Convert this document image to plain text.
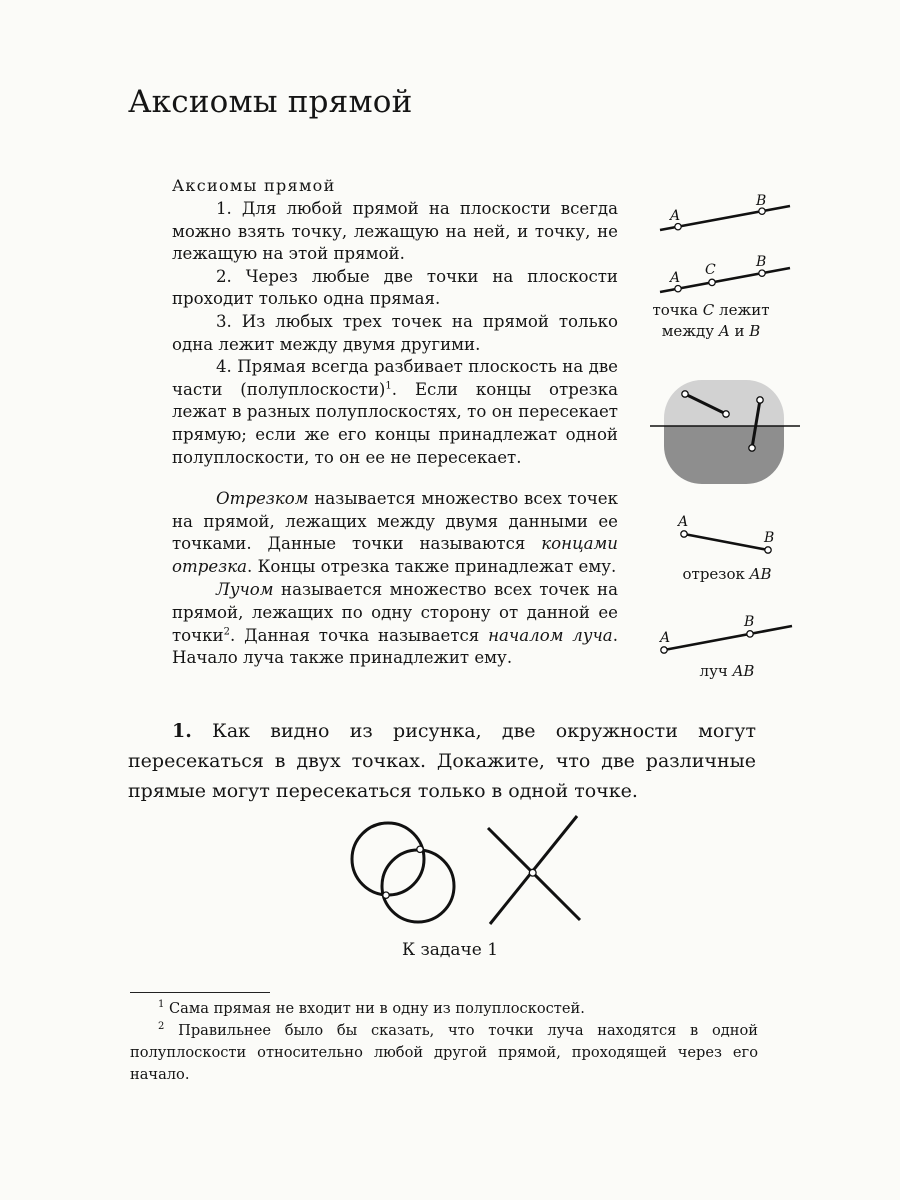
Аксиомы прямой
Аксиомы прямой

1. Для любой прямой на плоскости всегда можно взять точку, лежащую на ней, и точку, не лежащую на этой прямой.

2. Через любые две точки на плоскости проходит только одна прямая.

3. Из любых трех точек на прямой только одна лежит между двумя другими.

4. Прямая всегда разбивает плоскость на две части (полуплоскости)$^1$. Если концы отрезка лежат в разных полуплоскостях, то он пересекает прямую; если же его концы принадлежат одной полуплоскости, то он ее не пересекает.

Отрезком называется множество всех точек на прямой, лежащих между двумя данными ее точками. Данные точки называются концами отрезка. Концы отрезка также принадлежат ему.

Лучом называется множество всех точек на прямой, лежащих по одну сторону от данной ее точки$^2$. Данная точка называется началом луча. Начало луча также принадлежит ему.

A
B
A C	B
точка C лежит
между A и B
A
B
отрезок AB
A
B
луч AB

1. Как видно из рисунка, две окружности могут пересекаться в двух точках. Докажите, что две различные прямые могут пересекаться только в одной точке.

К задаче 1

$^1$ Сама прямая не входит ни в одну из полуплоскостей.

$^2$ Правильнее было бы сказать, что точки луча находятся в одной полуплоскости относительно любой другой прямой, проходящей через его начало.
